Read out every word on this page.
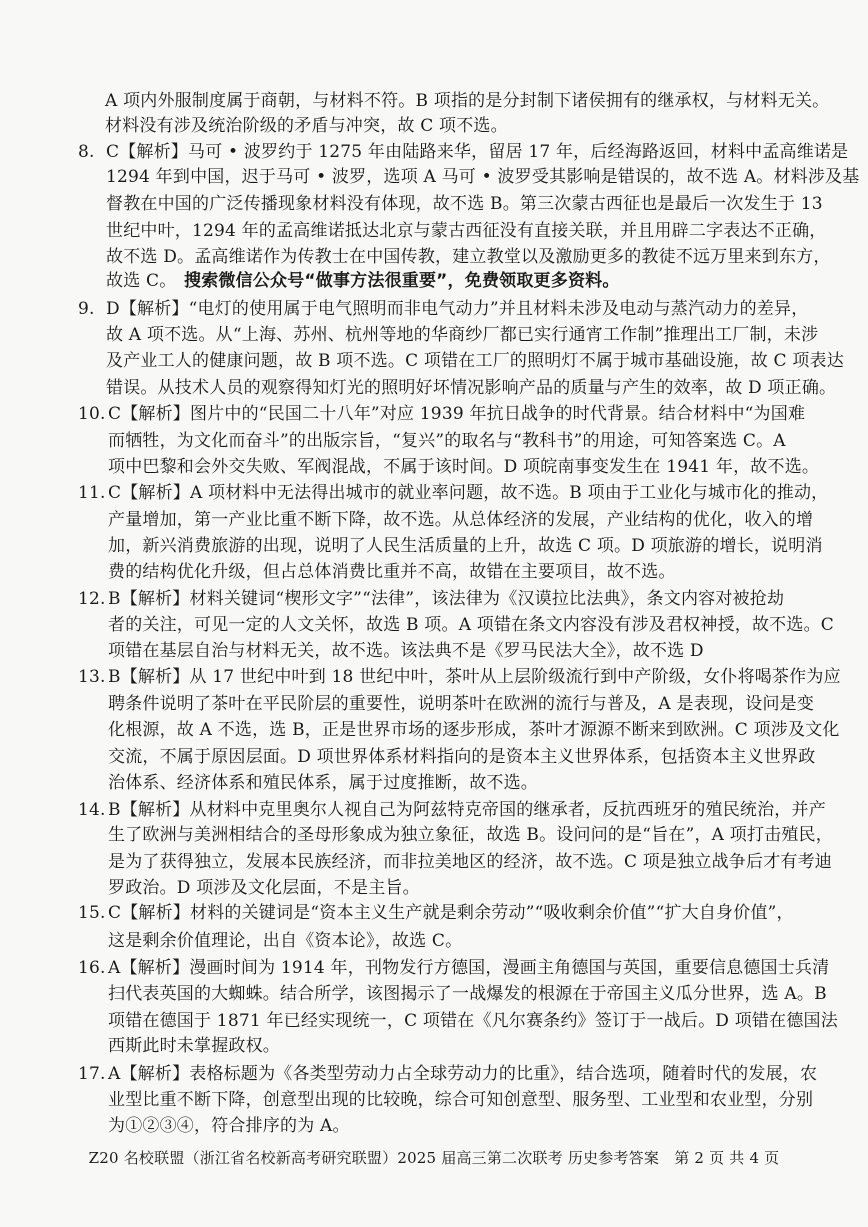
A 项内外服制度属于商朝，与材料不符。B 项指的是分封制下诸侯拥有的继承权，与材料无关。
材料没有涉及统治阶级的矛盾与冲突，故 C 项不选。
C【解析】马可 • 波罗约于 1275 年由陆路来华，留居 17 年，后经海路返回，材料中孟高维诺是
8.
1294 年到中国，迟于马可 • 波罗，选项 A 马可 • 波罗受其影响是错误的，故不选 A。材料涉及基
督教在中国的广泛传播现象材料没有体现，故不选 B。第三次蒙古西征也是最后一次发生于 13
世纪中叶，1294 年的孟高维诺抵达北京与蒙古西征没有直接关联，并且用辟二字表达不正确，
故不选 D。孟高维诺作为传教士在中国传教，建立教堂以及激励更多的教徒不远万里来到东方，
故选 C。 搜索微信公众号“做事方法很重要”，免费领取更多资料。
D【解析】“电灯的使用属于电气照明而非电气动力”并且材料未涉及电动与蒸汽动力的差异，
9.
故 A 项不选。从“上海、苏州、杭州等地的华商纱厂都已实行通宵工作制”推理出工厂制，未涉
及产业工人的健康问题，故 B 项不选。C 项错在工厂的照明灯不属于城市基础设施，故 C 项表达
错误。从技术人员的观察得知灯光的照明好坏情况影响产品的质量与产生的效率，故 D 项正确。
C【解析】图片中的“民国二十八年”对应 1939 年抗日战争的时代背景。结合材料中“为国难
10.
而牺牲，为文化而奋斗”的出版宗旨，“复兴”的取名与“教科书”的用途，可知答案选 C。A
项中巴黎和会外交失败、军阀混战，不属于该时间。D 项皖南事变发生在 1941 年，故不选。
C【解析】A 项材料中无法得出城市的就业率问题，故不选。B 项由于工业化与城市化的推动，
11.
产量增加，第一产业比重不断下降，故不选。从总体经济的发展，产业结构的优化，收入的增
加，新兴消费旅游的出现，说明了人民生活质量的上升，故选 C 项。D 项旅游的增长，说明消
费的结构优化升级，但占总体消费比重并不高，故错在主要项目，故不选。
B【解析】材料关键词“楔形文字”“法律”，该法律为《汉谟拉比法典》，条文内容对被抢劫
12.
者的关注，可见一定的人文关怀，故选 B 项。A 项错在条文内容没有涉及君权神授，故不选。C
项错在基层自治与材料无关，故不选。该法典不是《罗马民法大全》，故不选 D
B【解析】从 17 世纪中叶到 18 世纪中叶，茶叶从上层阶级流行到中产阶级，女仆将喝茶作为应
13.
聘条件说明了茶叶在平民阶层的重要性，说明茶叶在欧洲的流行与普及，A 是表现，设问是变
化根源，故 A 不选，选 B，正是世界市场的逐步形成，茶叶才源源不断来到欧洲。C 项涉及文化
交流，不属于原因层面。D 项世界体系材料指向的是资本主义世界体系，包括资本主义世界政
治体系、经济体系和殖民体系，属于过度推断，故不选。
B【解析】从材料中克里奥尔人视自己为阿兹特克帝国的继承者，反抗西班牙的殖民统治，并产
14.
生了欧洲与美洲相结合的圣母形象成为独立象征，故选 B。设问问的是“旨在”，A 项打击殖民，
是为了获得独立，发展本民族经济，而非拉美地区的经济，故不选。C 项是独立战争后才有考迪
罗政治。D 项涉及文化层面，不是主旨。
C【解析】材料的关键词是“资本主义生产就是剩余劳动”“吸收剩余价值”“扩大自身价值”，
15.
这是剩余价值理论，出自《资本论》，故选 C。
A【解析】漫画时间为 1914 年，刊物发行方德国，漫画主角德国与英国，重要信息德国士兵清
16.
扫代表英国的大蜘蛛。结合所学，该图揭示了一战爆发的根源在于帝国主义瓜分世界，选 A。B
项错在德国于 1871 年已经实现统一，C 项错在《凡尔赛条约》签订于一战后。D 项错在德国法
西斯此时未掌握政权。
A【解析】表格标题为《各类型劳动力占全球劳动力的比重》，结合选项，随着时代的发展，农
17.
业型比重不断下降，创意型出现的比较晚，综合可知创意型、服务型、工业型和农业型，分别
为①②③④，符合排序的为 A。
Z20 名校联盟（浙江省名校新高考研究联盟）2025 届高三第二次联考 历史参考答案　第 2 页 共 4 页
